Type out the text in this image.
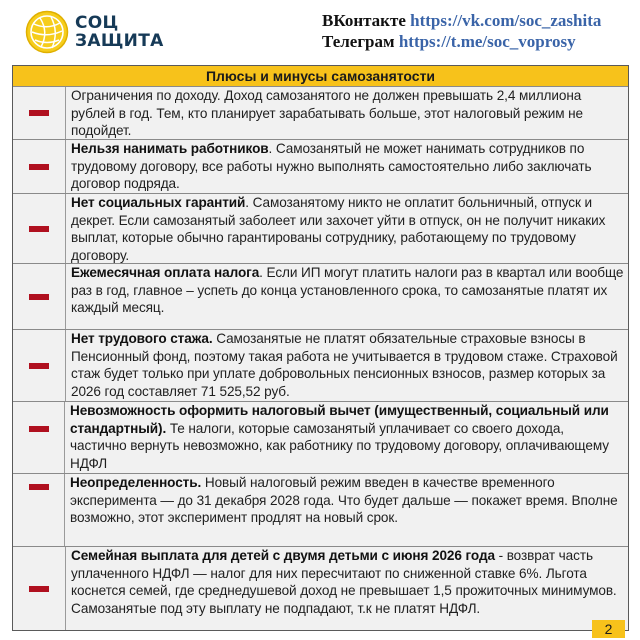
СОЦ
ЗАЩИТА
ВКонтакте https://vk.com/soc_zashita
Телеграм https://t.me/soc_voprosy
Плюсы и минусы самозанятости
Ограничения по доходу. Доход самозанятого не должен превышать 2,4 миллиона рублей в год. Тем, кто планирует зарабатывать больше, этот налоговый режим не подойдет.
Нельзя нанимать работников. Самозанятый не может нанимать сотрудников по трудовому договору, все работы нужно выполнять самостоятельно либо заключать договор подряда.
Нет социальных гарантий. Самозанятому никто не оплатит больничный, отпуск и декрет. Если самозанятый заболеет или захочет уйти в отпуск, он не получит никаких выплат, которые обычно гарантированы сотруднику, работающему по трудовому договору.
Ежемесячная оплата налога. Если ИП могут платить налоги раз в квартал или вообще раз в год, главное – успеть до конца установленного срока, то самозанятые платят их каждый месяц.
Нет трудового стажа. Самозанятые не платят обязательные страховые взносы в Пенсионный фонд, поэтому такая работа не учитывается в трудовом стаже. Страховой стаж будет только при уплате добровольных пенсионных взносов, размер которых за 2026 год составляет 71 525,52 руб.
Невозможность оформить налоговый вычет (имущественный, социальный или стандартный). Те налоги, которые самозанятый уплачивает со своего дохода, частично вернуть невозможно, как работнику по трудовому договору, оплачивающему НДФЛ
Неопределенность. Новый налоговый режим введен в качестве временного эксперимента — до 31 декабря 2028 года. Что будет дальше — покажет время. Вполне возможно, этот эксперимент продлят на новый срок.
Семейная выплата для детей с двумя детьми с июня 2026 года - возврат часть уплаченного НДФЛ — налог для них пересчитают по сниженной ставке 6%. Льгота коснется семей, где среднедушевой доход не превышает 1,5 прожиточных минимумов. Самозанятые под эту выплату не подпадают, т.к не платят НДФЛ.
2
